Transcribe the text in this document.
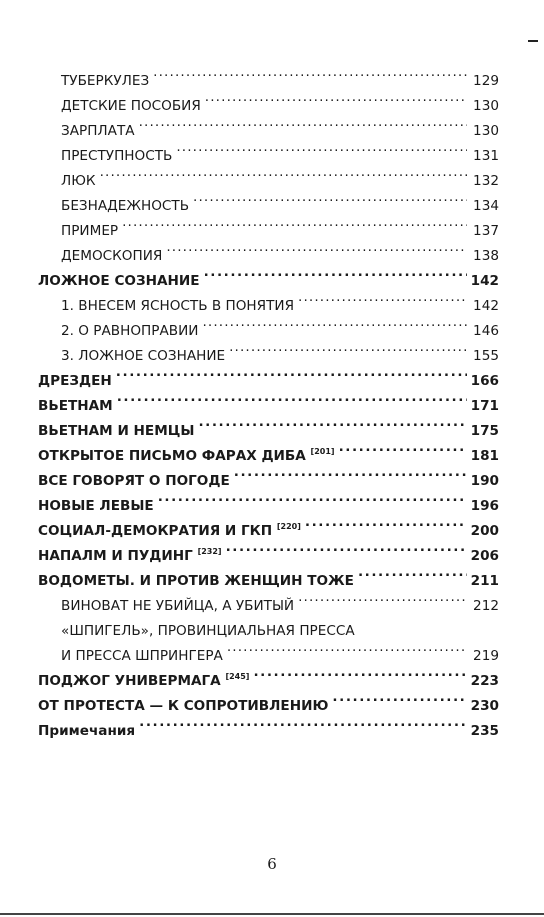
ТУБЕРКУЛЕЗ . . .	129
ДЕТСКИЕ ПОСОБИЯ . . .	130
ЗАРПЛАТА . . .	130
ПРЕСТУПНОСТЬ . . .	131
ЛЮК . . .	132
БЕЗНАДЕЖНОСТЬ . . .	134
ПРИМЕР . . .	137
ДЕМОСКОПИЯ . . .	138
ЛОЖНОЕ СОЗНАНИЕ . . .	142
1. ВНЕСЕМ ЯСНОСТЬ В ПОНЯТИЯ . . .	142
2. О РАВНОПРАВИИ . . .	146
3. ЛОЖНОЕ СОЗНАНИЕ . . .	155
ДРЕЗДЕН . . .	166
ВЬЕТНАМ . . .	171
ВЬЕТНАМ И НЕМЦЫ . . .	175
ОТКРЫТОЕ ПИСЬМО ФАРАХ ДИБА [201] . . .	181
ВСЕ ГОВОРЯТ О ПОГОДЕ . . .	190
НОВЫЕ ЛЕВЫЕ . . .	196
СОЦИАЛ-ДЕМОКРАТИЯ И ГКП [220] . . .	200
НАПАЛМ И ПУДИНГ [232] . . .	206
ВОДОМЕТЫ. И ПРОТИВ ЖЕНЩИН ТОЖЕ . . .	211
ВИНОВАТ НЕ УБИЙЦА, А УБИТЫЙ . . .	212
«ШПИГЕЛЬ», ПРОВИНЦИАЛЬНАЯ ПРЕССА
И ПРЕССА ШПРИНГЕРА . . .	219
ПОДЖОГ УНИВЕРМАГА [245] . . .	223
ОТ ПРОТЕСТА — К СОПРОТИВЛЕНИЮ . . .	230
Примечания . . .	235
6
